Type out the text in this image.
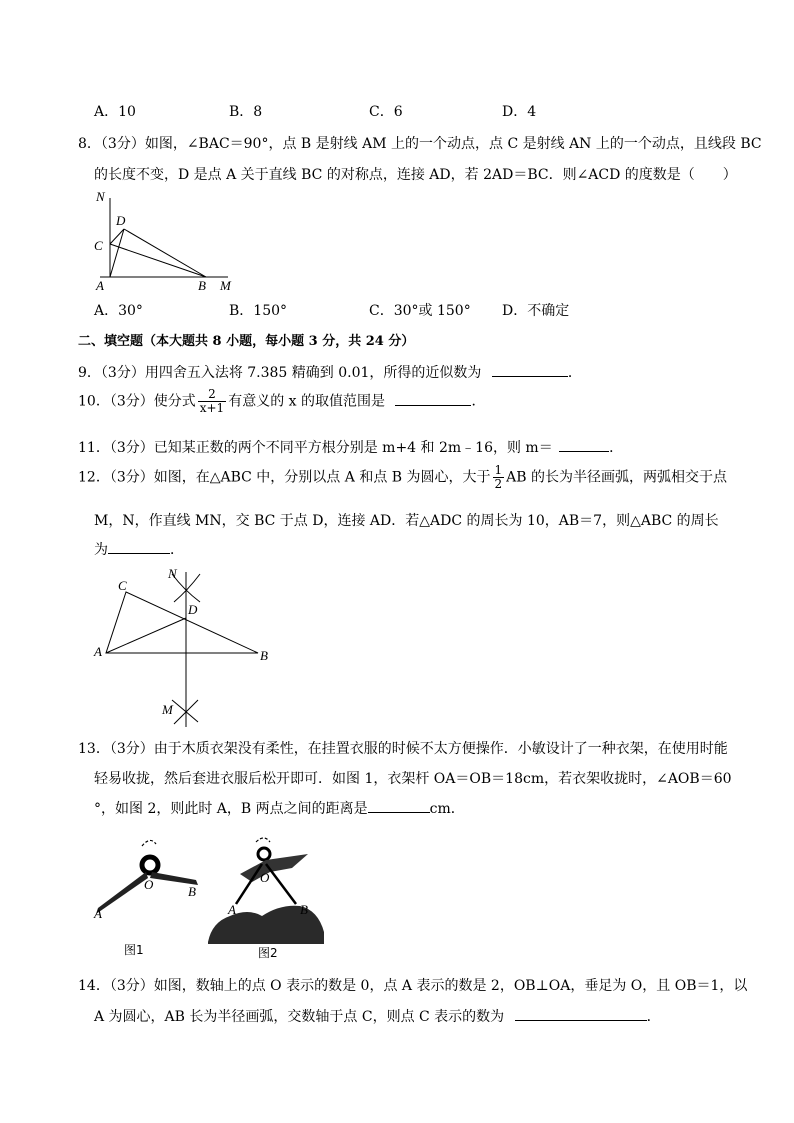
A．10	B．8	C．6	D．4
8．（3分）如图，∠BAC＝90°，点 B 是射线 AM 上的一个动点，点 C 是射线 AN 上的一个动点，且线段 BC
的长度不变，D 是点 A 关于直线 BC 的对称点，连接 AD，若 2AD＝BC．则∠ACD 的度数是（　　）
N
D
C
A	B M
A．30°	B．150°	C．30°或 150° D．不确定
二、填空题（本大题共 8 小题，每小题 3 分，共 24 分）
9．（3分）用四舍五入法将 7.385 精确到 0.01，所得的近似数为	．
10．（3分）使分式 $\frac{2}{x+1}$ 有意义的 x 的取值范围是	．
11．（3分）已知某正数的两个不同平方根分别是 m+4 和 2m﹣16，则 m＝	．
12．（3分）如图，在△ABC 中，分别以点 A 和点 B 为圆心，大于 $\frac{1}{2}$ AB 的长为半径画弧，两弧相交于点
M，N，作直线 MN，交 BC 于点 D，连接 AD．若△ADC 的周长为 10，AB＝7，则△ABC 的周长
为	．
N
C
D
A	B
M
13．（3分）由于木质衣架没有柔性，在挂置衣服的时候不太方便操作．小敏设计了一种衣架，在使用时能
轻易收拢，然后套进衣服后松开即可．如图 1，衣架杆 OA＝OB＝18cm，若衣架收拢时，∠AOB＝60
°，如图 2，则此时 A，B 两点之间的距离是	cm．
O	B
A
图1
O
A	B
图2
14．（3分）如图，数轴上的点 O 表示的数是 0，点 A 表示的数是 2，OB⊥OA，垂足为 O，且 OB＝1，以
A 为圆心，AB 长为半径画弧，交数轴于点 C，则点 C 表示的数为	．
